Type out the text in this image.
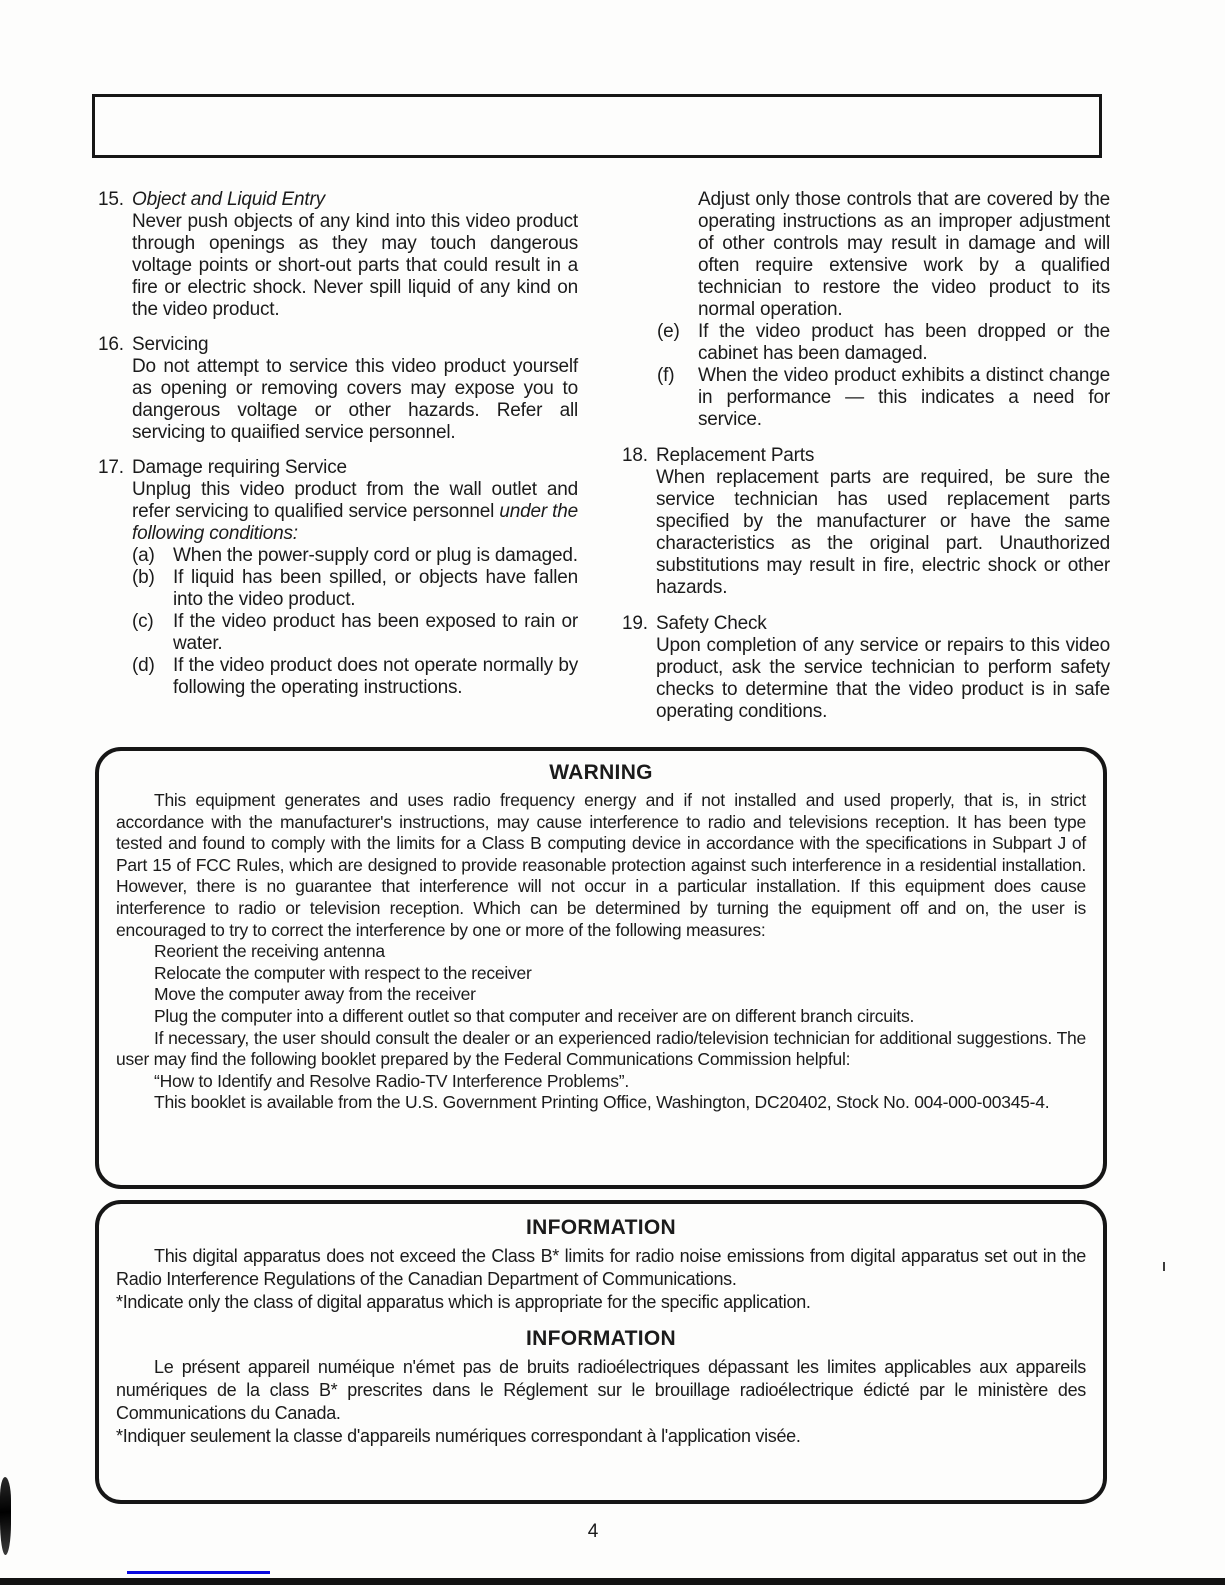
15. Object and Liquid Entry
Never push objects of any kind into this video product through openings as they may touch dangerous voltage points or short-out parts that could result in a fire or electric shock. Never spill liquid of any kind on the video product.
16. Servicing
Do not attempt to service this video product yourself as opening or removing covers may expose you to dangerous voltage or other hazards. Refer all servicing to quaiified service personnel.
17. Damage requiring Service
Unplug this video product from the wall outlet and refer servicing to qualified service personnel under the following conditions:
(a) When the power-supply cord or plug is damaged.
(b) If liquid has been spilled, or objects have fallen into the video product.
(c) If the video product has been exposed to rain or water.
(d) If the video product does not operate normally by following the operating instructions.
Adjust only those controls that are covered by the operating instructions as an improper adjustment of other controls may result in damage and will often require extensive work by a qualified technician to restore the video product to its normal operation.
(e) If the video product has been dropped or the cabinet has been damaged.
(f) When the video product exhibits a distinct change in performance — this indicates a need for service.
18. Replacement Parts
When replacement parts are required, be sure the service technician has used replacement parts specified by the manufacturer or have the same characteristics as the original part. Unauthorized substitutions may result in fire, electric shock or other hazards.
19. Safety Check
Upon completion of any service or repairs to this video product, ask the service technician to perform safety checks to determine that the video product is in safe operating conditions.
WARNING

This equipment generates and uses radio frequency energy and if not installed and used properly, that is, in strict accordance with the manufacturer's instructions, may cause interference to radio and televisions reception. It has been type tested and found to comply with the limits for a Class B computing device in accordance with the specifications in Subpart J of Part 15 of FCC Rules, which are designed to provide reasonable protection against such interference in a residential installation. However, there is no guarantee that interference will not occur in a particular installation. If this equipment does cause interference to radio or television reception. Which can be determined by turning the equipment off and on, the user is encouraged to try to correct the interference by one or more of the following measures:

Reorient the receiving antenna
Relocate the computer with respect to the receiver
Move the computer away from the receiver
Plug the computer into a different outlet so that computer and receiver are on different branch circuits.

If necessary, the user should consult the dealer or an experienced radio/television technician for additional suggestions. The user may find the following booklet prepared by the Federal Communications Commission helpful:

“How to Identify and Resolve Radio-TV Interference Problems”.

This booklet is available from the U.S. Government Printing Office, Washington, DC20402, Stock No. 004-000-00345-4.

INFORMATION

This digital apparatus does not exceed the Class B* limits for radio noise emissions from digital apparatus set out in the Radio Interference Regulations of the Canadian Department of Communications.

*Indicate only the class of digital apparatus which is appropriate for the specific application.
INFORMATION

Le présent appareil numéique n'émet pas de bruits radioélectriques dépassant les limites applicables aux appareils numériques de la class B* prescrites dans le Réglement sur le brouillage radioélectrique édicté par le ministère des Communications du Canada.

*Indiquer seulement la classe d'appareils numériques correspondant à l'application visée.
4
